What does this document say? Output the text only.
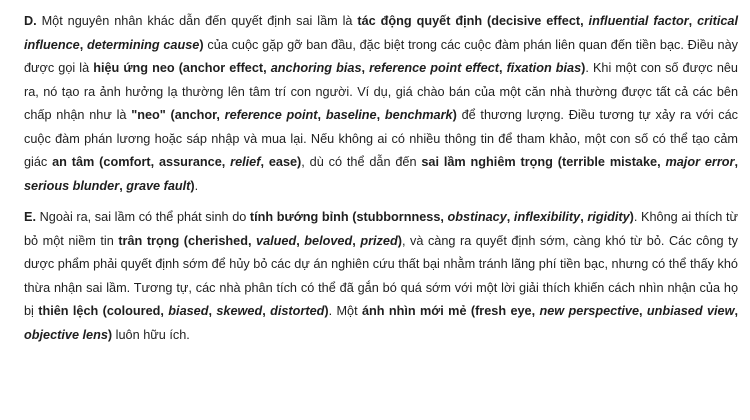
D. Một nguyên nhân khác dẫn đến quyết định sai lầm là tác động quyết định (decisive effect, influential factor, critical influence, determining cause) của cuộc gặp gỡ ban đầu, đặc biệt trong các cuộc đàm phán liên quan đến tiền bạc. Điều này được gọi là hiệu ứng neo (anchor effect, anchoring bias, reference point effect, fixation bias). Khi một con số được nêu ra, nó tạo ra ảnh hưởng lạ thường lên tâm trí con người. Ví dụ, giá chào bán của một căn nhà thường được tất cả các bên chấp nhận như là "neo" (anchor, reference point, baseline, benchmark) để thương lượng. Điều tương tự xảy ra với các cuộc đàm phán lương hoặc sáp nhập và mua lại. Nếu không ai có nhiều thông tin để tham khảo, một con số có thể tạo cảm giác an tâm (comfort, assurance, relief, ease), dù có thể dẫn đến sai lầm nghiêm trọng (terrible mistake, major error, serious blunder, grave fault).

E. Ngoài ra, sai lầm có thể phát sinh do tính bướng bỉnh (stubbornness, obstinacy, inflexibility, rigidity). Không ai thích từ bỏ một niềm tin trân trọng (cherished, valued, beloved, prized), và càng ra quyết định sớm, càng khó từ bỏ. Các công ty dược phẩm phải quyết định sớm để hủy bỏ các dự án nghiên cứu thất bại nhằm tránh lãng phí tiền bạc, nhưng có thể thấy khó thừa nhận sai lầm. Tương tự, các nhà phân tích có thể đã gắn bó quá sớm với một lời giải thích khiến cách nhìn nhận của họ bị thiên lệch (coloured, biased, skewed, distorted). Một ánh nhìn mới mẻ (fresh eye, new perspective, unbiased view, objective lens) luôn hữu ích.
